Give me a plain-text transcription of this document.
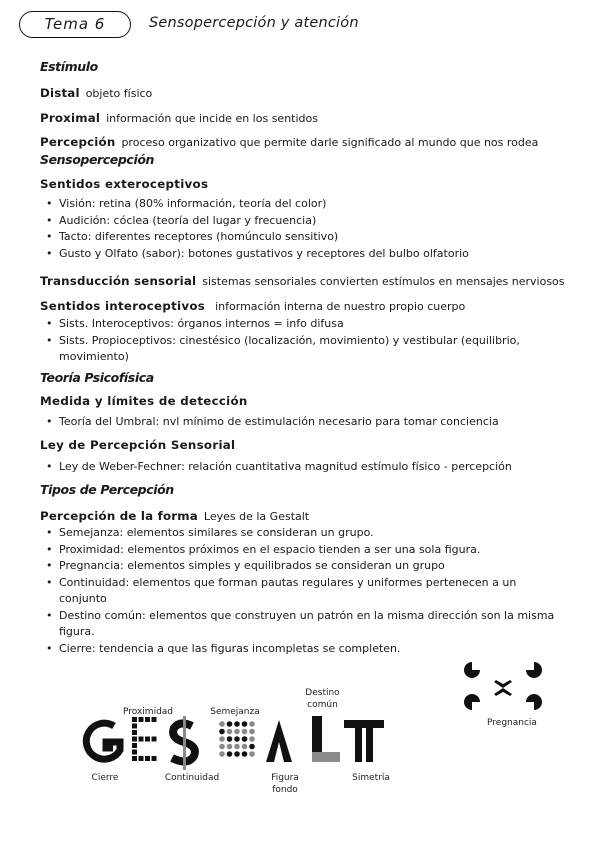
Tema 6	Sensopercepción y atención
Estímulo
Distal objeto físico
Proximal información que incide en los sentidos
Percepción proceso organizativo que permite darle significado al mundo que nos rodea
Sensopercepción
Sentidos exteroceptivos
• Visión: retina (80% información, teoría del color)
• Audición: cóclea (teoría del lugar y frecuencia)
• Tacto: diferentes receptores (homúnculo sensitivo)
• Gusto y Olfato (sabor): botones gustativos y receptores del bulbo olfatorio
Transducción sensorial sistemas sensoriales convierten estímulos en mensajes nerviosos
Sentidos interoceptivos información interna de nuestro propio cuerpo
• Sists. Interoceptivos: órganos internos = info difusa
• Sists. Propioceptivos: cinestésico (localización, movimiento) y vestibular (equilibrio, movimiento)
Teoría Psicofísica
Medida y límites de detección
• Teoría del Umbral: nvl mínimo de estimulación necesario para tomar conciencia
Ley de Percepción Sensorial
• Ley de Weber-Fechner: relación cuantitativa magnitud estímulo físico - percepción
Tipos de Percepción
Percepción de la forma Leyes de la Gestalt
• Semejanza: elementos similares se consideran un grupo.
• Proximidad: elementos próximos en el espacio tienden a ser una sola figura.
• Pregnancia: elementos simples y equilibrados se consideran un grupo
• Continuidad: elementos que forman pautas regulares y uniformes pertenecen a un conjunto
• Destino común: elementos que construyen un patrón en la misma dirección son la misma figura.
• Cierre: tendencia a que las figuras incompletas se completen.
Proximidad	Semejanza
Destino común
Cierre	Continuidad	Figura fondo
Simetría
Pregnancia
